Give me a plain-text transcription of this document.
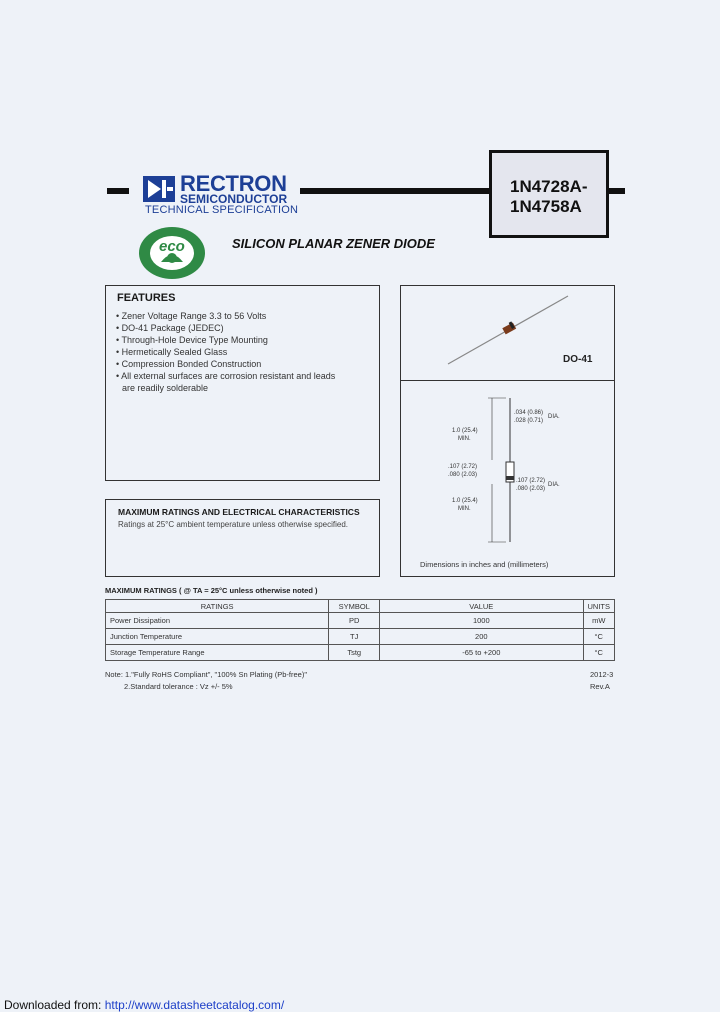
RECTRON
SEMICONDUCTOR
TECHNICAL SPECIFICATION
eco
1N4728A-
1N4758A
SILICON PLANAR ZENER DIODE
FEATURES
• Zener Voltage Range 3.3 to 56 Volts
• DO-41 Package (JEDEC)
• Through-Hole Device Type Mounting
• Hermetically Sealed Glass
• Compression Bonded Construction
• All external surfaces are corrosion resistant and leads
are readily solderable
MAXIMUM RATINGS AND ELECTRICAL CHARACTERISTICS
Ratings at 25°C ambient temperature unless otherwise specified.
DO-41
.034 (0.86)
.028 (0.71)
DIA.
1.0 (25.4)
MIN.
.107 (2.72)
.080 (2.03)
.107 (2.72)
.080 (2.03)
DIA.
1.0 (25.4)
MIN.
Dimensions in inches and (millimeters)
MAXIMUM RATINGS ( @ TA = 25°C unless otherwise noted )
RATINGS	SYMBOL	VALUE	UNITS
Power Dissipation	PD	1000	mW
Junction Temperature	TJ	200	°C
Storage Temperature Range	Tstg	-65 to +200	°C
Note: 1."Fully RoHS Compliant", "100% Sn Plating (Pb-free)"
2.Standard tolerance : Vz +/- 5%
2012-3
Rev.A
Downloaded from: http://www.datasheetcatalog.com/
